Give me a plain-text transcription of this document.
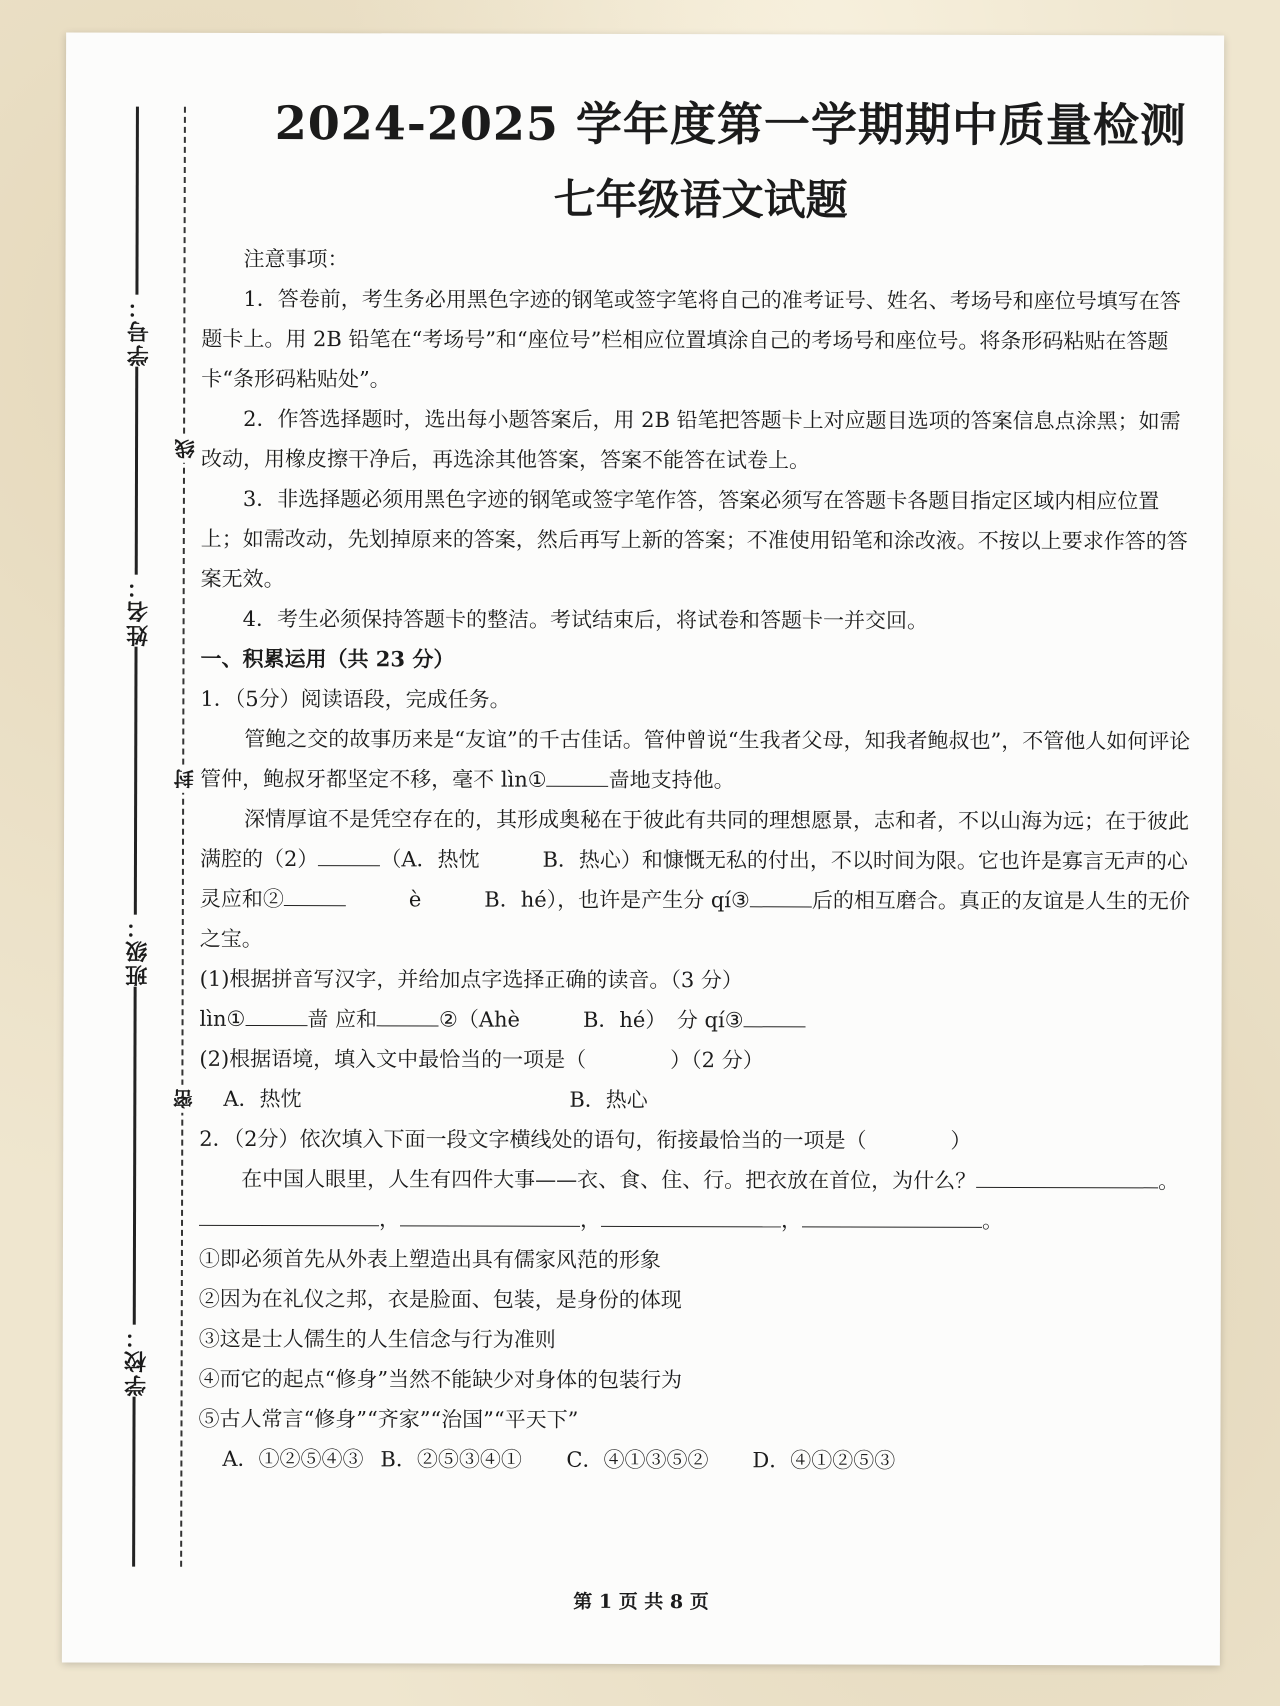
学号：
姓名：
班级：
学校：
线
封
密
2024-2025 学年度第一学期期中质量检测
七年级语文试题

注意事项：

1．答卷前，考生务必用黑色字迹的钢笔或签字笔将自己的准考证号、姓名、考场号和座位号填写在答题卡上。用 2B 铅笔在“考场号”和“座位号”栏相应位置填涂自己的考场号和座位号。将条形码粘贴在答题卡“条形码粘贴处”。

2．作答选择题时，选出每小题答案后，用 2B 铅笔把答题卡上对应题目选项的答案信息点涂黑；如需改动，用橡皮擦干净后，再选涂其他答案，答案不能答在试卷上。

3．非选择题必须用黑色字迹的钢笔或签字笔作答，答案必须写在答题卡各题目指定区域内相应位置上；如需改动，先划掉原来的答案，然后再写上新的答案；不准使用铅笔和涂改液。不按以上要求作答的答案无效。

4．考生必须保持答题卡的整洁。考试结束后，将试卷和答题卡一并交回。

一、积累运用（共 23 分）

1．（5分）阅读语段，完成任务。

管鲍之交的故事历来是“友谊”的千古佳话。管仲曾说“生我者父母，知我者鲍叔也”，不管他人如何评论管仲，鲍叔牙都坚定不移，毫不 lìn①	啬地支持他。

深情厚谊不是凭空存在的，其形成奥秘在于彼此有共同的理想愿景，志和者，不以山海为远；在于彼此满腔的（2）	（A．热忱　　　	B．热心）和慷慨无私的付出，不以时间为限。它也许是寡言无声的心灵应和②　　　	è　　　	B．hé），也许是产生分 qí③	后的相互磨合。真正的友谊是人生的无价之宝。

(1)根据拼音写汉字，并给加点字选择正确的读音。（3 分）

lìn①	啬 应和	②（Ahè　　　	B．hé）　 分 qí③

(2)根据语境，填入文中最恰当的一项是（　　　　）（2 分）

A．热忱	B．热心

2．（2分）依次填入下面一段文字横线处的语句，衔接最恰当的一项是（　　　　）

在中国人眼里，人生有四件大事——衣、食、住、行。把衣放在首位，为什么？	。

，	，	，	。

①即必须首先从外表上塑造出具有儒家风范的形象

②因为在礼仪之邦，衣是脸面、包装，是身份的体现

③这是士人儒生的人生信念与行为准则

④而它的起点“修身”当然不能缺少对身体的包装行为

⑤古人常言“修身”“齐家”“治国”“平天下”

A．①②⑤④③ B．②⑤③④①	C．④①③⑤②	D．④①②⑤③

第 1 页 共 8 页
